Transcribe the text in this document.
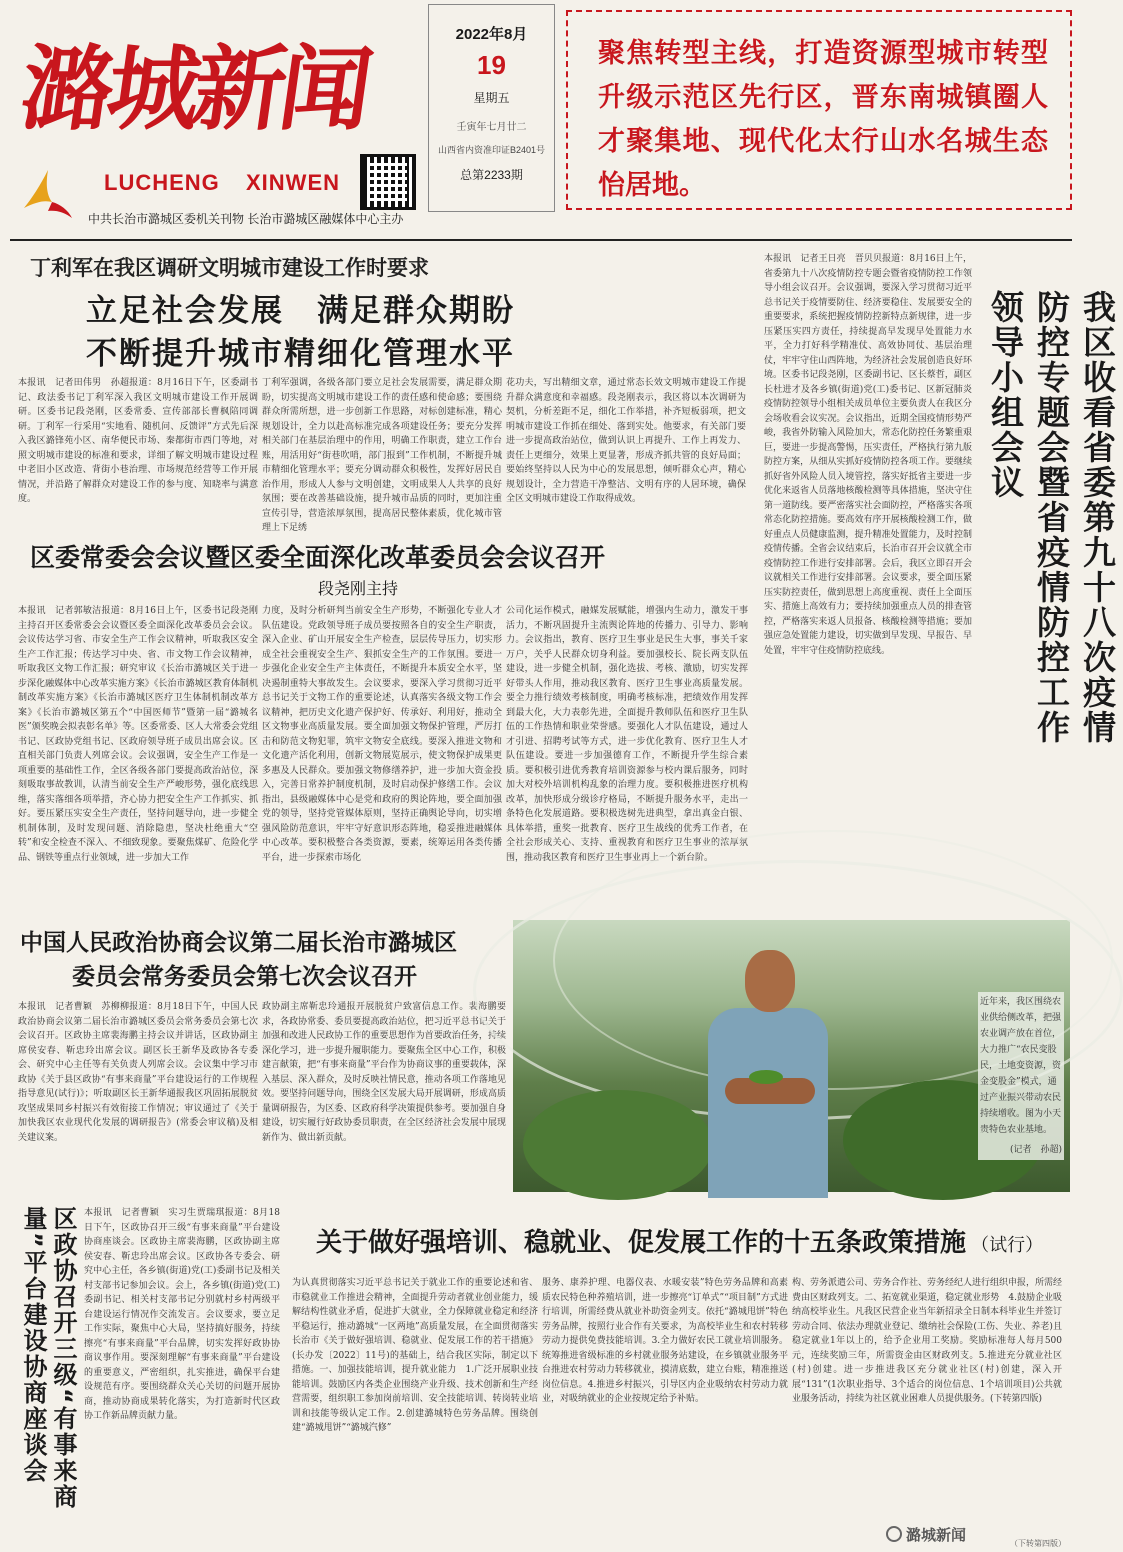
潞城新闻
LUCHENG XINWEN
中共长治市潞城区委机关刊物 长治市潞城区融媒体中心主办
2022年8月
19
星期五
壬寅年七月廿二
山西省内资准印证B2401号
总第2233期
聚焦转型主线，打造资源型城市转型升级示范区先行区，晋东南城镇圈人才聚集地、现代化太行山水名城生态怡居地。
丁利军在我区调研文明城市建设工作时要求
立足社会发展　满足群众期盼
不断提升城市精细化管理水平
本报讯　记者田伟男　孙超报道：8月16日下午，区委副书记、政法委书记丁利军深入我区文明城市建设工作开展调研。区委书记段尧刚，区委常委、宣传部部长曹枫陪同调研。丁利军一行采用“实地看、随机问、反馈评”方式先后深入我区潞锋苑小区、南华便民市场、秦都街市西门等地，对照文明城市建设的标准和要求，详细了解文明城市建设过程中老旧小区改造、背街小巷治理、市场规范经营等工作开展情况，并沿路了解群众对建设工作的参与度、知晓率与满意度。
丁利军强调，各级各部门要立足社会发展需要，满足群众期盼，切实提高文明城市建设工作的责任感和使命感；要围绕群众所需所想，进一步创新工作思路，对标创建标准，精心规划设计，全力以赴高标准完成各项建设任务；要充分发挥相关部门在基层治理中的作用，明确工作职责，建立工作台账，用活用好“街巷吹哨，部门报到”工作机制，不断提升城市精细化管理水平；要充分调动群众积极性，发挥好居民自治作用，形成人人参与文明创建，文明成果人人共享的良好氛围；要在改善基础设施，提升城市品质的同时，更加注重宣传引导，营造浓厚氛围，提高居民整体素质，优化城市管理上下足绣
花功夫，写出精细文章，通过常态长效文明城市建设工作提升群众满意度和幸福感。段尧刚表示，我区将以本次调研为契机，分析差距不足，细化工作举措，补齐短板弱项，把文明城市建设工作抓在细处、落到实处。他要求，有关部门要进一步提高政治站位，做到认识上再提升、工作上再发力、责任上更细分，效果上更显著，形成齐抓共管的良好局面；要始终坚持以人民为中心的发展思想，倾听群众心声，精心规划设计，全力营造干净整洁、文明有序的人居环境，确保全区文明城市建设工作取得成效。
区委常委会会议暨区委全面深化改革委员会会议召开
段尧刚主持
本报讯　记者郭敏洁报道：8月16日上午，区委书记段尧刚主持召开区委常委会会议暨区委全面深化改革委员会会议。会议传达学习省、市安全生产工作会议精神，听取我区安全生产工作汇报；传达学习中央、省、市文物工作会议精神，听取我区文物工作汇报；研究审议《长治市潞城区关于进一步深化融媒体中心改革实施方案》《长治市潞城区教育体制机制改革实施方案》《长治市潞城区医疗卫生体制机制改革方案》《长治市潞城区第五个“中国医师节”暨第一届“潞城名医”颁奖晚会拟表彰名单》等。区委常委、区人大常委会党组书记、区政协党组书记、区政府领导班子成员出席会议。区直相关部门负责人列席会议。会议强调，安全生产工作是一项重要的基础性工作，全区各级各部门要提高政治站位，深刻吸取事故教训，认清当前安全生产严峻形势，强化底线思维，落实落细各项举措，齐心协力把安全生产工作抓实、抓好。要压紧压实安全生产责任，坚持问题导向，进一步健全机制体制，及时发现问题、消除隐患，坚决杜绝重大“空转”和安全检查不深入、不细致现象。要聚焦煤矿、危险化学品、钢铁等重点行业领域，进一步加大工作
力度，及时分析研判当前安全生产形势，不断强化专业人才队伍建设。党政领导班子成员要按照各自的安全生产职责，深入企业、矿山开展安全生产检查，层层传导压力，切实形成全社会重视安全生产、狠抓安全生产的工作氛围。要进一步强化企业安全生产主体责任，不断提升本质安全水平，坚决遏制重特大事故发生。会议要求，要深入学习贯彻习近平总书记关于文物工作的重要论述，认真落实各级文物工作会议精神，把历史文化遗产保护好、传承好、利用好，推动全区文物事业高质量发展。要全面加强文物保护管理，严厉打击和防范文物犯罪，筑牢文物安全底线。要深入推进文物和文化遗产活化利用，创新文物展览展示，使文物保护成果更多惠及人民群众。要加强文物修缮养护，进一步加大资金投入，完善日常养护制度机制，及时启动保护修缮工作。会议指出，县级融媒体中心是党和政府的舆论阵地，要全面加强党的领导，坚持党管媒体原则，坚持正确舆论导向，切实增强风险防范意识，牢牢守好意识形态阵地，稳妥推进融媒体中心改革。要积极整合各类资源，要素，统筹运用各类传播平台，进一步探索市场化
公司化运作模式，融媒发展赋能，增强内生动力，激发干事活力，不断巩固提升主流舆论阵地的传播力、引导力、影响力。会议指出，教育、医疗卫生事业是民生大事，事关千家万户，关乎人民群众切身利益。要加强校长、院长两支队伍建设，进一步健全机制，强化选拔、考核、激励，切实发挥好带头人作用，推动我区教育、医疗卫生事业高质量发展。要全力推行绩效考核制度，明确考核标准，把绩效作用发挥到最大化，大力表彰先进，全面提升教师队伍和医疗卫生队伍的工作热情和职业荣誉感。要强化人才队伍建设，通过人才引进、招聘考试等方式，进一步优化教育、医疗卫生人才队伍建设。要进一步加强德育工作，不断提升学生综合素质。要积极引进优秀教育培训资源参与校内课后服务，同时加大对校外培训机构乱象的治理力度。要积极推进医疗机构改革，加快形成分级诊疗格局，不断提升服务水平，走出一条特色化发展道路。要积极选树先进典型，拿出真金白银、具体举措，重奖一批教育、医疗卫生战线的优秀工作者，在全社会形成关心、支持、重视教育和医疗卫生事业的浓厚氛围，推动我区教育和医疗卫生事业再上一个新台阶。
本报讯　记者王日亮　晋贝贝报道：8月16日上午，省委第九十八次疫情防控专题会暨省疫情防控工作领导小组会议召开。会议强调，要深入学习贯彻习近平总书记关于疫情要防住、经济要稳住、发展要安全的重要要求，系统把握疫情防控新特点新规律，进一步压紧压实四方责任，持续提高早发现早处置能力水平，全力打好科学精准仗、高效协同仗、基层治理仗，牢牢守住山西阵地，为经济社会发展创造良好环境。区委书记段尧刚，区委副书记、区长蔡哲，副区长杜进才及各乡镇(街道)党(工)委书记、区新冠肺炎疫情防控领导小组相关成员单位主要负责人在我区分会场收看会议实况。会议指出，近期全国疫情形势严峻，我省外防输入风险加大，常态化防控任务繁重艰巨，要进一步提高警惕，压实责任，严格执行第九版防控方案，从细从实抓好疫情防控各项工作。要继续抓好省外风险人员入境管控，落实好抵省主要进一步优化来返省人员落地核酸检测等具体措施，坚决守住第一道防线。要严密落实社会面防控，严格落实各项常态化防控措施。要高效有序开展核酸检测工作，做好重点人员健康监测，提升精准处置能力，及时控制疫情传播。全省会议结束后，长治市召开会议就全市疫情防控工作进行安排部署。会后，我区立即召开会议就相关工作进行安排部署。会议要求，要全面压紧压实防控责任，做到思想上高度重视、责任上全面压实、措施上高效有力；要持续加强重点人员的排查管控，严格落实来返人员报备、核酸检测等措施；要加强应急处置能力建设，切实做到早发现、早报告、早处置，牢牢守住疫情防控底线。	我区收看省委第九十八次疫情防控专题会暨省疫情防控工作领导小组会议
中国人民政治协商会议第二届长治市潞城区
委员会常务委员会第七次会议召开
本报讯　记者曹颖　苏柳柳报道：8月18日下午，中国人民政治协商会议第二届长治市潞城区委员会常务委员会第七次会议召开。区政协主席裴海鹏主持会议并讲话，区政协副主席侯安春、靳忠玲出席会议。副区长王新华及政协各专委会、研究中心主任等有关负责人列席会议。会议集中学习市政协《关于县区政协“有事来商量”平台建设运行的工作规程指导意见(试行)》；听取副区长王新华通报我区巩固拓展脱贫攻坚成果同乡村振兴有效衔接工作情况；审议通过了《关于加快我区农业现代化发展的调研报告》(常委会审议稿)及相关建议案。
政协副主席靳忠玲通报开展脱贫户致富信息工作。裴海鹏要求，各政协常委、委员要提高政治站位，把习近平总书记关于加强和改进人民政协工作的重要思想作为首要政治任务，持续深化学习，进一步提升履职能力。要聚焦全区中心工作，积极建言献策，把“有事来商量”平台作为协商议事的重要载体，深入基层、深入群众，及时反映社情民意，推动各项工作落地见效。要坚持问题导向，围绕全区发展大局开展调研，形成高质量调研报告，为区委、区政府科学决策提供参考。要加强自身建设，切实履行好政协委员职责，在全区经济社会发展中展现新作为、做出新贡献。
近年来，我区围绕农业供给侧改革，把强农业调产放在首位，大力推广“农民变股民，土地变资源，资金变股金”模式，通过产业振兴带动农民持续增收。图为小天贵特色农业基地。
(记者　孙超)
区政协召开三级“有事来商量”平台建设协商座谈会	本报讯　记者曹颖　实习生贾瑞琪报道：8月18日下午，区政协召开三级“有事来商量”平台建设协商座谈会。区政协主席裴海鹏，区政协副主席侯安春、靳忠玲出席会议。区政协各专委会、研究中心主任，各乡镇(街道)党(工)委副书记及相关村支部书记参加会议。会上，各乡镇(街道)党(工)委副书记、相关村支部书记分别就村乡村两级平台建设运行情况作交流发言。会议要求，要立足工作实际，聚焦中心大局，坚持搞好服务，持续擦亮“有事来商量”平台品牌，切实发挥好政协协商议事作用。要深刻理解“有事来商量”平台建设的重要意义，严密组织，扎实推进，确保平台建设规范有序。要围绕群众关心关切的问题开展协商，推动协商成果转化落实，为打造新时代区政协工作新品牌贡献力量。
关于做好强培训、稳就业、促发展工作的十五条政策措施 （试行）
为认真贯彻落实习近平总书记关于就业工作的重要论述和省、市稳就业工作推进会精神，全面提升劳动者就业创业能力，缓解结构性就业矛盾，促进扩大就业，全力保障就业稳定和经济平稳运行，推动潞城“一区两地”高质量发展，在全面贯彻落实长治市《关于做好强培训、稳就业、促发展工作的若干措施》(长办发〔2022〕11号)的基础上，结合我区实际，制定以下措施。一、加强技能培训，提升就业能力　1.广泛开展职业技能培训。鼓励区内各类企业围绕产业升级、技术创新和生产经营需要，组织职工参加岗前培训、安全技能培训、转岗转业培训和技能等级认定工作。2.创建潞城特色劳务品牌。围绕创建“潞城甩饼”“潞城汽修”
服务、康养护理、电器仪表、水暖安装”特色劳务品牌和高素质农民特色种养殖培训，进一步擦亮“订单式”“项目制”方式进行培训，所需经费从就业补助资金列支。依托“潞城甩饼”特色劳务品牌，按照行业合作有关要求，为高校毕业生和农村转移劳动力提供免费技能培训。3.全力做好农民工就业培训服务。统筹推进省级标准的乡村就业服务站建设，在乡镇就业服务平台推进农村劳动力转移就业，摸清底数，建立台账，精准推送岗位信息。4.推进乡村振兴，引导区内企业吸纳农村劳动力就业，对吸纳就业的企业按规定给予补贴。
构、劳务派遣公司、劳务合作社、劳务经纪人进行组织申报，所需经费由区财政列支。二、拓宽就业渠道，稳定就业形势　4.鼓励企业吸纳高校毕业生。凡我区民营企业当年新招录全日制本科毕业生并签订劳动合同、依法办理就业登记、缴纳社会保险(工伤、失业、养老)且稳定就业1年以上的，给予企业用工奖励。奖励标准每人每月500元，连续奖励三年，所需资金由区财政列支。5.推进充分就业社区(村)创建。进一步推进我区充分就业社区(村)创建，深入开展“131”(1次职业指导、3个适合的岗位信息、1个培训项目)公共就业服务活动，持续为社区就业困难人员提供服务。(下转第四版)
（下转第四版）
潞城新闻
